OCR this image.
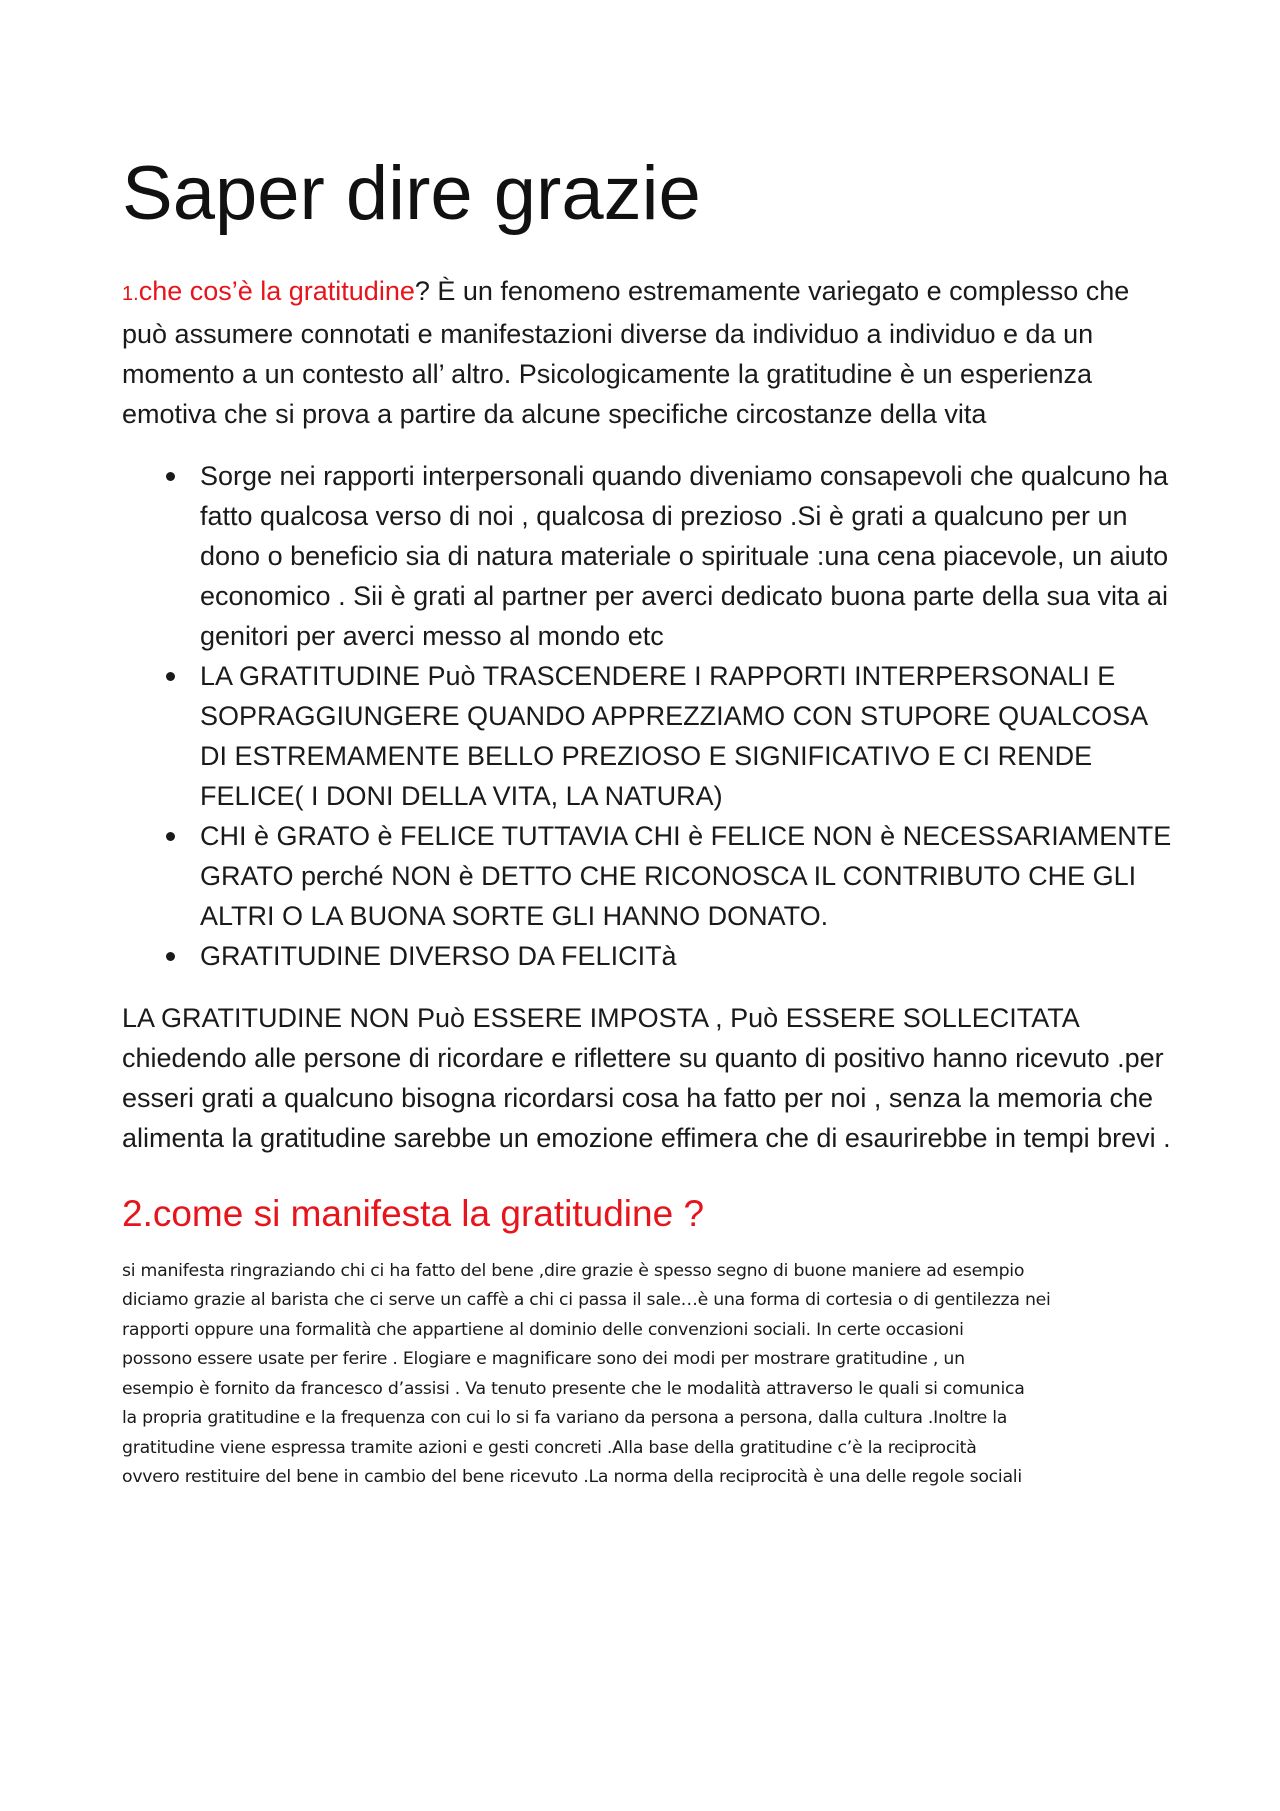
Saper dire grazie

1.che cos’è la gratitudine? È un fenomeno estremamente variegato e complesso che può assumere connotati e manifestazioni diverse da individuo a individuo e da un momento a un contesto all’ altro. Psicologicamente la gratitudine è un esperienza emotiva che si prova a partire da alcune specifiche circostanze della vita

Sorge nei rapporti interpersonali quando diveniamo consapevoli che qualcuno ha fatto qualcosa verso di noi , qualcosa di prezioso .Si è grati a qualcuno per un dono o beneficio sia di natura materiale o spirituale :una cena piacevole, un aiuto economico . Sii è grati al partner per averci dedicato buona parte della sua vita ai genitori per averci messo al mondo etc
LA GRATITUDINE Può TRASCENDERE I RAPPORTI INTERPERSONALI E SOPRAGGIUNGERE QUANDO APPREZZIAMO CON STUPORE QUALCOSA DI ESTREMAMENTE BELLO PREZIOSO E SIGNIFICATIVO E CI RENDE FELICE( I DONI DELLA VITA, LA NATURA)
CHI è GRATO è FELICE TUTTAVIA CHI è FELICE NON è NECESSARIAMENTE GRATO perché NON è DETTO CHE RICONOSCA IL CONTRIBUTO CHE GLI ALTRI O LA BUONA SORTE GLI HANNO DONATO.
GRATITUDINE DIVERSO DA FELICITà

LA GRATITUDINE NON Può ESSERE IMPOSTA , Può ESSERE SOLLECITATA chiedendo alle persone di ricordare e riflettere su quanto di positivo hanno ricevuto .per esseri grati a qualcuno bisogna ricordarsi cosa ha fatto per noi , senza la memoria che alimenta la gratitudine sarebbe un emozione effimera che di esaurirebbe in tempi brevi .

2.come si manifesta la gratitudine ?

si manifesta ringraziando chi ci ha fatto del bene ,dire grazie è spesso segno di buone maniere ad esempio
diciamo grazie al barista che ci serve un caffè a chi ci passa il sale…è una forma di cortesia o di gentilezza nei
rapporti oppure una formalità che appartiene al dominio delle convenzioni sociali. In certe occasioni
possono essere usate per ferire . Elogiare e magnificare sono dei modi per mostrare gratitudine , un
esempio è fornito da francesco d’assisi . Va tenuto presente che le modalità attraverso le quali si comunica
la propria gratitudine e la frequenza con cui lo si fa variano da persona a persona, dalla cultura .Inoltre la
gratitudine viene espressa tramite azioni e gesti concreti .Alla base della gratitudine c’è la reciprocità
ovvero restituire del bene in cambio del bene ricevuto .La norma della reciprocità è una delle regole sociali
